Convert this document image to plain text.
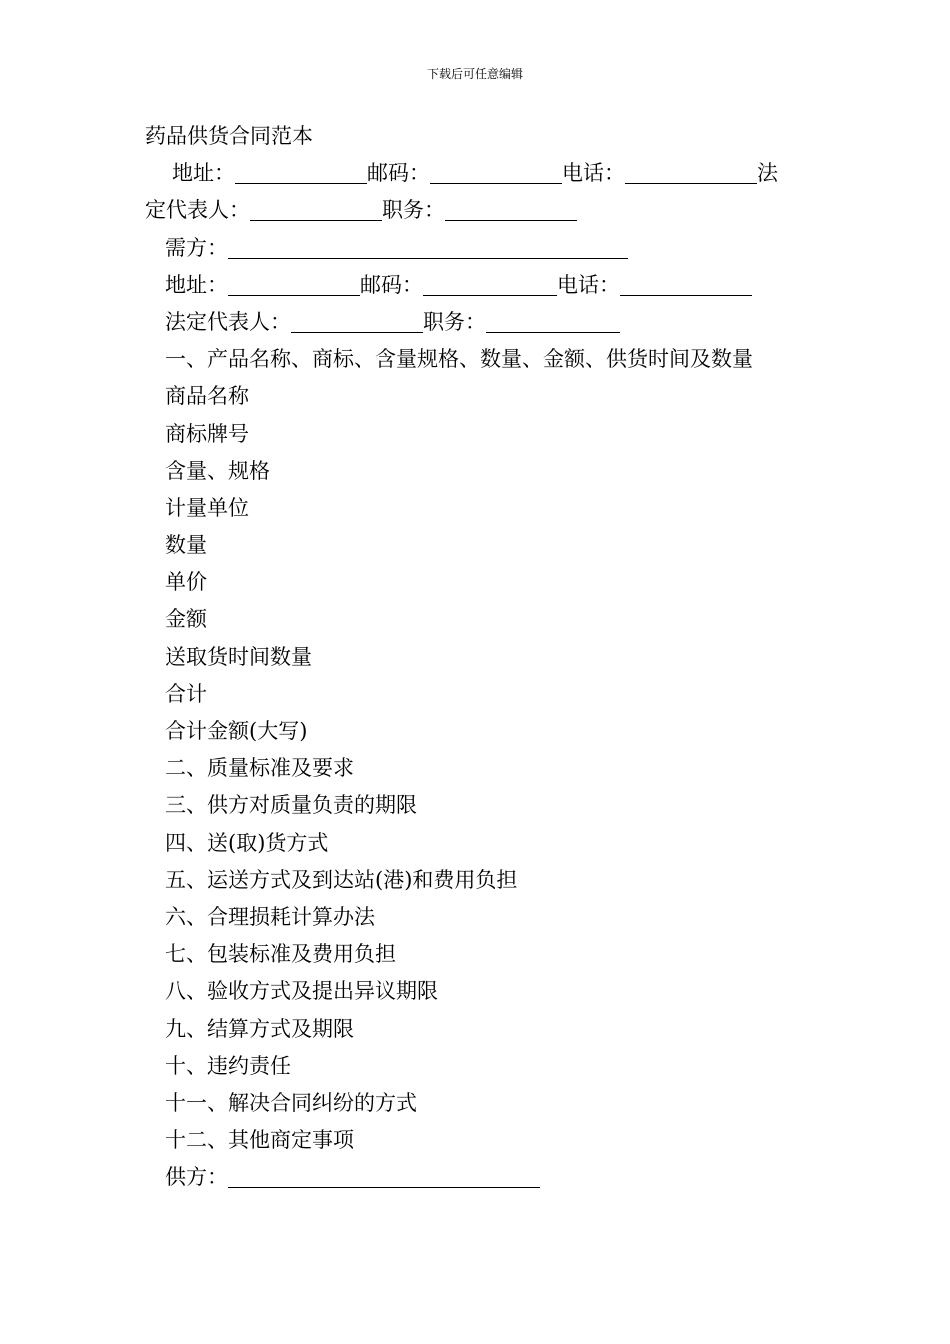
下载后可任意编辑
药品供货合同范本
地址：	邮码：	电话：	法
定代表人：	职务：
需方：
地址：	邮码：	电话：
法定代表人：	职务：
一、产品名称、商标、含量规格、数量、金额、供货时间及数量
商品名称
商标牌号
含量、规格
计量单位
数量
单价
金额
送取货时间数量
合计
合计金额(大写)
二、质量标准及要求
三、供方对质量负责的期限
四、送(取)货方式
五、运送方式及到达站(港)和费用负担
六、合理损耗计算办法
七、包装标准及费用负担
八、验收方式及提出异议期限
九、结算方式及期限
十、违约责任
十一、解决合同纠纷的方式
十二、其他商定事项
供方：
